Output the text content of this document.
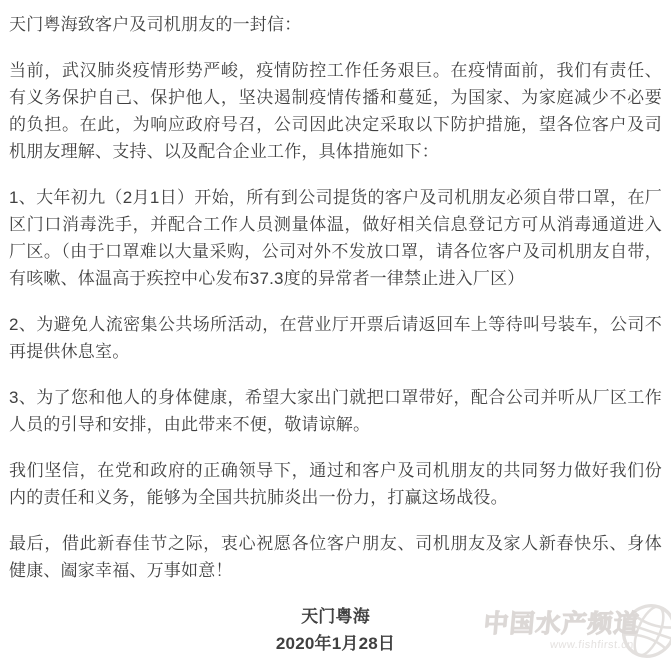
天门粤海致客户及司机朋友的一封信：

当前，武汉肺炎疫情形势严峻，疫情防控工作任务艰巨。在疫情面前，我们有责任、有义务保护自己、保护他人，坚决遏制疫情传播和蔓延，为国家、为家庭减少不必要的负担。在此，为响应政府号召，公司因此决定采取以下防护措施，望各位客户及司机朋友理解、支持、以及配合企业工作，具体措施如下：

1、大年初九（2月1日）开始，所有到公司提货的客户及司机朋友必须自带口罩，在厂区门口消毒洗手，并配合工作人员测量体温，做好相关信息登记方可从消毒通道进入厂区。（由于口罩难以大量采购，公司对外不发放口罩，请各位客户及司机朋友自带，有咳嗽、体温高于疾控中心发布37.3度的异常者一律禁止进入厂区）

2、为避免人流密集公共场所活动，在营业厅开票后请返回车上等待叫号装车，公司不再提供休息室。

3、为了您和他人的身体健康，希望大家出门就把口罩带好，配合公司并听从厂区工作人员的引导和安排，由此带来不便，敬请谅解。

我们坚信，在党和政府的正确领导下，通过和客户及司机朋友的共同努力做好我们份内的责任和义务，能够为全国共抗肺炎出一份力，打赢这场战役。

最后，借此新春佳节之际，衷心祝愿各位客户朋友、司机朋友及家人新春快乐、身体健康、阖家幸福、万事如意！

天门粤海

2020年1月28日

中国水产频道
www.fishfirst.cn
